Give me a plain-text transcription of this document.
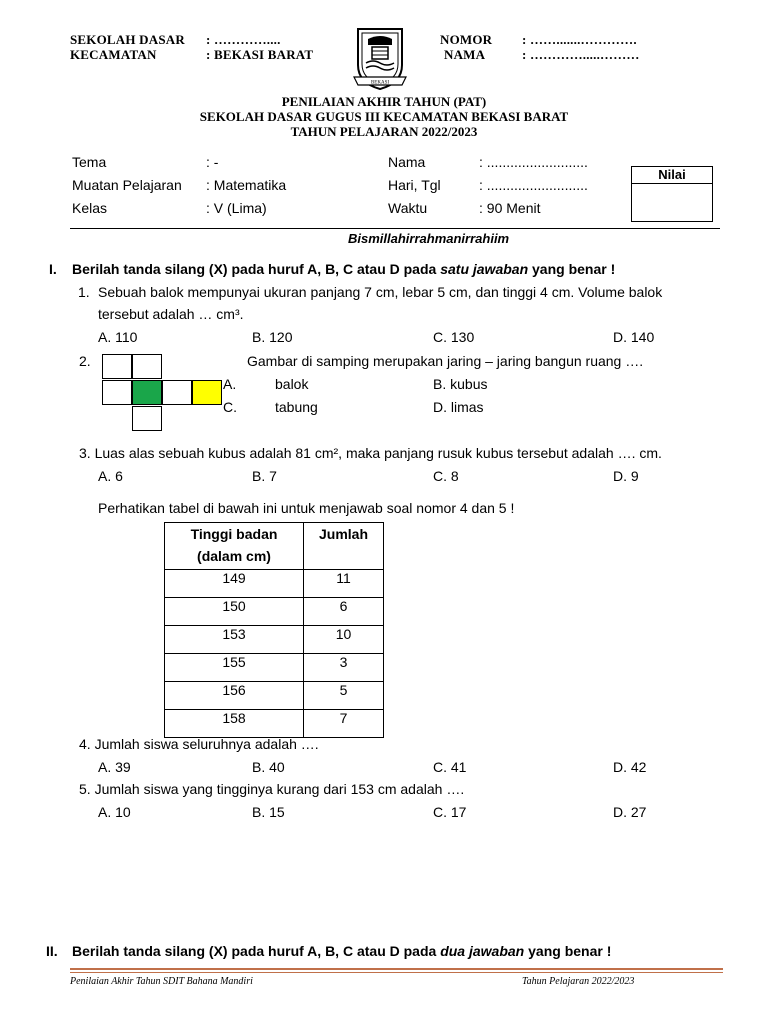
SEKOLAH DASAR : …………....
KECAMATAN	: BEKASI BARAT
NOMOR : …….......………….
NAMA	: ………….....………
BEKASI
PENILAIAN AKHIR TAHUN (PAT)
SEKOLAH DASAR GUGUS III KECAMATAN BEKASI BARAT
TAHUN PELAJARAN 2022/2023
Tema	: -
Muatan Pelajaran : Matematika
Kelas	: V (Lima)
Nama	: ..........................
Hari, Tgl	: ..........................
Waktu	: 90 Menit
Nilai
Bismillahirrahmanirrahiim
I. Berilah tanda silang (X) pada huruf A, B, C atau D pada satu jawaban yang benar !
1. Sebuah balok mempunyai ukuran panjang 7 cm, lebar 5 cm, dan tinggi 4 cm. Volume balok
tersebut adalah … cm³.
A. 110	B. 120	C. 130	D. 140
2.	Gambar di samping merupakan jaring – jaring bangun ruang ….
A.	balok	B. kubus
C.	tabung	D. limas
3. Luas alas sebuah kubus adalah 81 cm², maka panjang rusuk kubus tersebut adalah …. cm.
A. 6	B. 7	C. 8	D. 9
Perhatikan tabel di bawah ini untuk menjawab soal nomor 4 dan 5 !
Tinggi badan
(dalam cm)	Jumlah
149	11
150	6
153	10
155	3
156	5
158	7
4. Jumlah siswa seluruhnya adalah ….
A. 39	B. 40	C. 41	D. 42
5. Jumlah siswa yang tingginya kurang dari 153 cm adalah ….
A. 10	B. 15	C. 17	D. 27
II. Berilah tanda silang (X) pada huruf A, B, C atau D pada dua jawaban yang benar !
Penilaian Akhir Tahun SDIT Bahana Mandiri	Tahun Pelajaran 2022/2023
